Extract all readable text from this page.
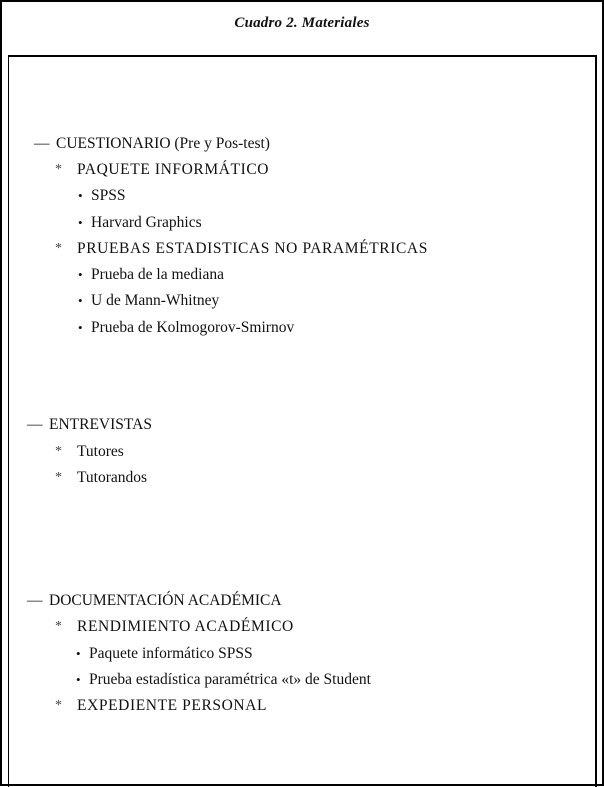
Cuadro 2. Materiales
— CUESTIONARIO (Pre y Pos-test)
* PAQUETE INFORMÁTICO
• SPSS
• Harvard Graphics
* PRUEBAS ESTADISTICAS NO PARAMÉTRICAS
• Prueba de la mediana
• U de Mann-Whitney
• Prueba de Kolmogorov-Smirnov
— ENTREVISTAS
* Tutores
* Tutorandos
— DOCUMENTACIÓN ACADÉMICA
* RENDIMIENTO ACADÉMICO
• Paquete informático SPSS
• Prueba estadística paramétrica «t» de Student
* EXPEDIENTE PERSONAL
